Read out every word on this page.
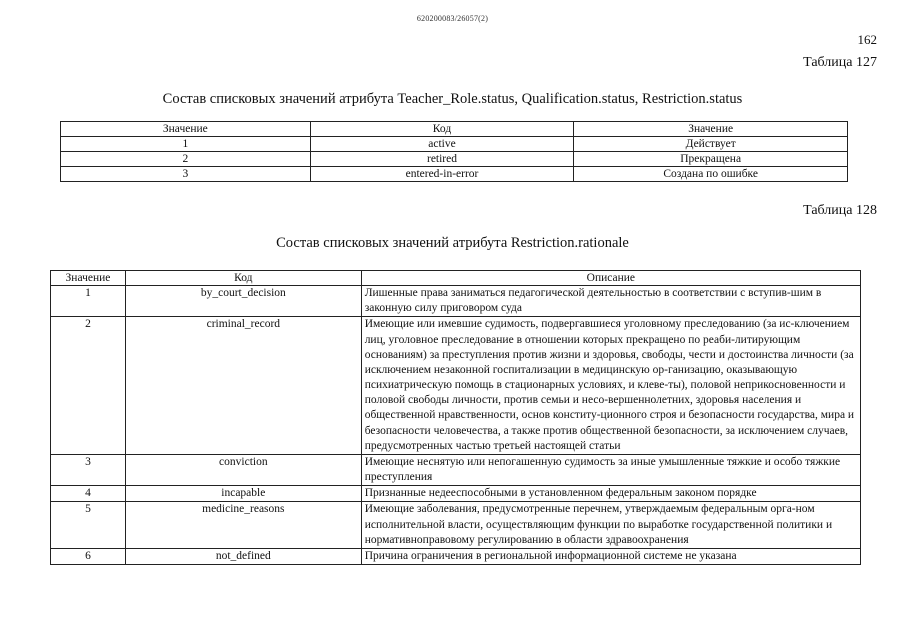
620200083/26057(2)
162
Таблица 127
Состав списковых значений атрибута Teacher_Role.status, Qualification.status, Restriction.status
Значение	Код	Значение
1	active	Действует
2	retired	Прекращена
3	entered-in-error	Создана по ошибке
Таблица 128
Состав списковых значений атрибута Restriction.rationale
Значение	Код	Описание
1	by_court_decision	Лишенные права заниматься педагогической деятельностью в соответствии с вступив-шим в законную силу приговором суда
2	criminal_record	Имеющие или имевшие судимость, подвергавшиеся уголовному преследованию (за ис-ключением лиц, уголовное преследование в отношении которых прекращено по реаби-литирующим основаниям) за преступления против жизни и здоровья, свободы, чести и достоинства личности (за исключением незаконной госпитализации в медицинскую ор-ганизацию, оказывающую психиатрическую помощь в стационарных условиях, и клеве-ты), половой неприкосновенности и половой свободы личности, против семьи и несо-вершеннолетних, здоровья населения и общественной нравственности, основ конститу-ционного строя и безопасности государства, мира и безопасности человечества, а также против общественной безопасности, за исключением случаев, предусмотренных частью третьей настоящей статьи
3	conviction	Имеющие неснятую или непогашенную судимость за иные умышленные тяжкие и особо тяжкие преступления
4	incapable	Признанные недееспособными в установленном федеральным законом порядке
5	medicine_reasons	Имеющие заболевания, предусмотренные перечнем, утверждаемым федеральным орга-ном исполнительной власти, осуществляющим функции по выработке государственной политики и нормативноправовому регулированию в области здравоохранения
6	not_defined	Причина ограничения в региональной информационной системе не указана
